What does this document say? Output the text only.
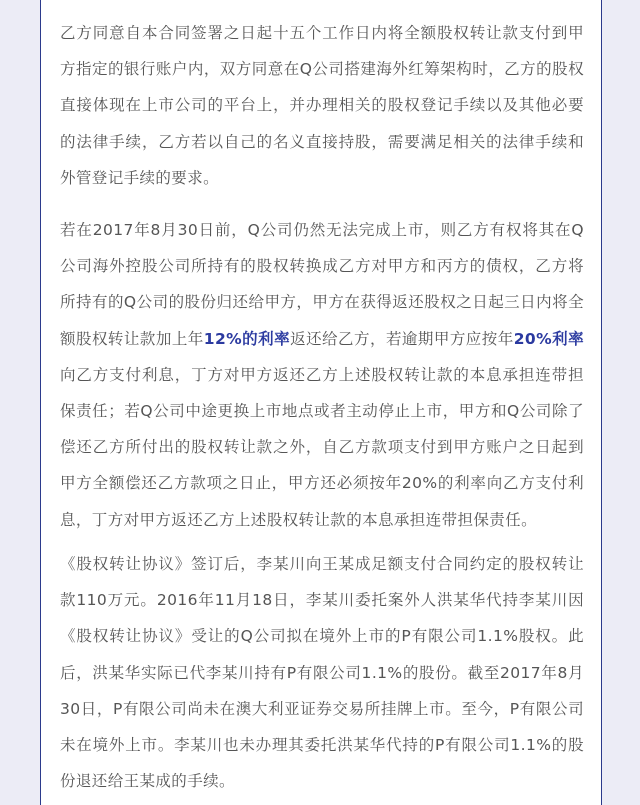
乙方同意自本合同签署之日起十五个工作日内将全额股权转让款支付到甲方指定的银行账户内，双方同意在Q公司搭建海外红筹架构时，乙方的股权直接体现在上市公司的平台上，并办理相关的股权登记手续以及其他必要的法律手续，乙方若以自己的名义直接持股，需要满足相关的法律手续和外管登记手续的要求。

若在2017年8月30日前，Q公司仍然无法完成上市，则乙方有权将其在Q公司海外控股公司所持有的股权转换成乙方对甲方和丙方的债权，乙方将所持有的Q公司的股份归还给甲方，甲方在获得返还股权之日起三日内将全额股权转让款加上年12%的利率返还给乙方，若逾期甲方应按年20%利率向乙方支付利息，丁方对甲方返还乙方上述股权转让款的本息承担连带担保责任；若Q公司中途更换上市地点或者主动停止上市，甲方和Q公司除了偿还乙方所付出的股权转让款之外，自乙方款项支付到甲方账户之日起到甲方全额偿还乙方款项之日止，甲方还必须按年20%的利率向乙方支付利息，丁方对甲方返还乙方上述股权转让款的本息承担连带担保责任。

《股权转让协议》签订后，李某川向王某成足额支付合同约定的股权转让款110万元。2016年11月18日，李某川委托案外人洪某华代持李某川因《股权转让协议》受让的Q公司拟在境外上市的P有限公司1.1%股权。此后，洪某华实际已代李某川持有P有限公司1.1%的股份。截至2017年8月30日，P有限公司尚未在澳大利亚证券交易所挂牌上市。至今，P有限公司未在境外上市。李某川也未办理其委托洪某华代持的P有限公司1.1%的股份退还给王某成的手续。
